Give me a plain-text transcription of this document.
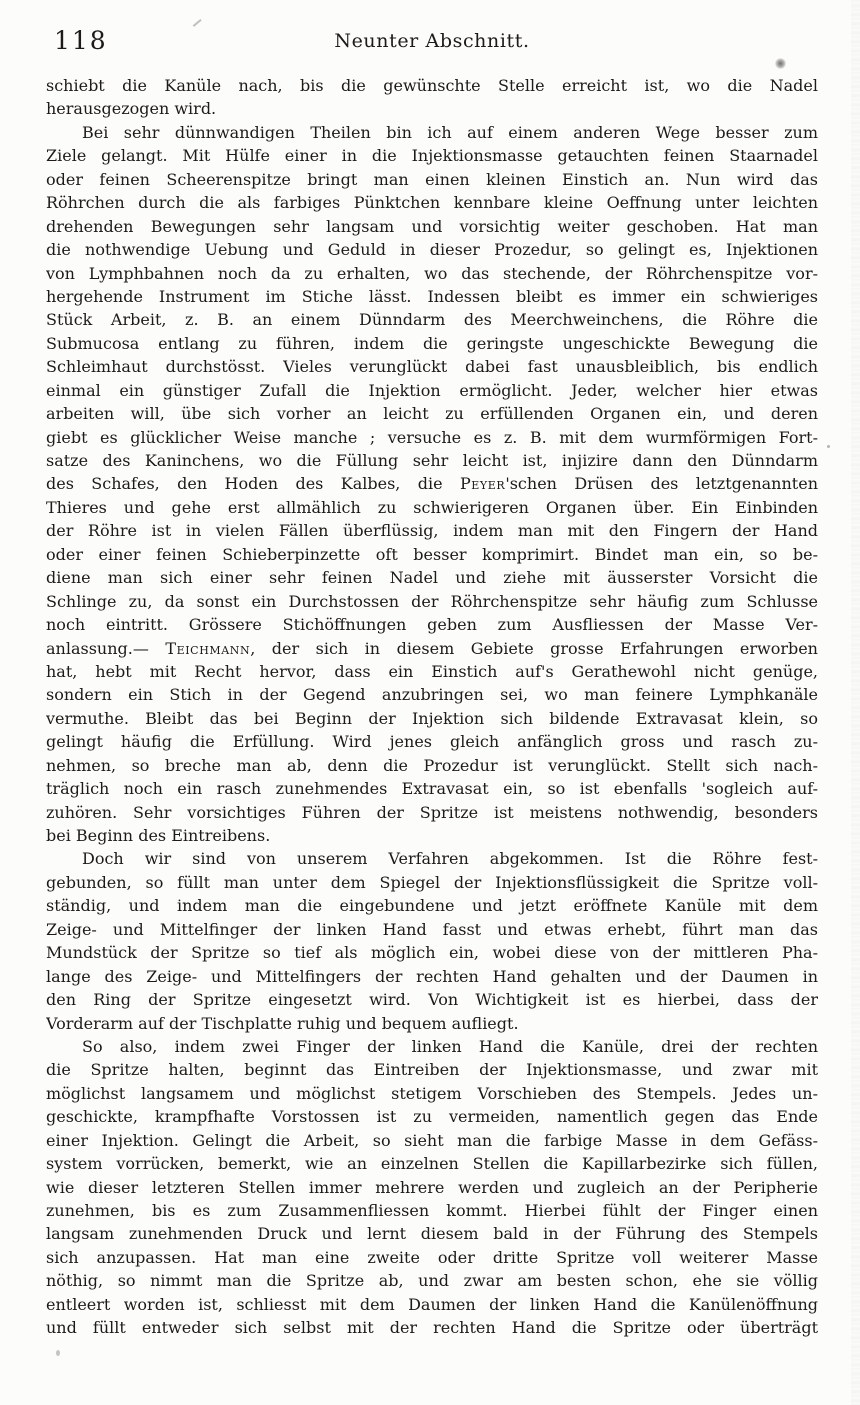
118	Neunter Abschnitt.
schiebt die Kanüle nach, bis die gewünschte Stelle erreicht ist, wo die Nadel
herausgezogen wird.
Bei sehr dünnwandigen Theilen bin ich auf einem anderen Wege besser zum
Ziele gelangt. Mit Hülfe einer in die Injektionsmasse getauchten feinen Staarnadel
oder feinen Scheerenspitze bringt man einen kleinen Einstich an. Nun wird das
Röhrchen durch die als farbiges Pünktchen kennbare kleine Oeffnung unter leichten
drehenden Bewegungen sehr langsam und vorsichtig weiter geschoben. Hat man
die nothwendige Uebung und Geduld in dieser Prozedur, so gelingt es, Injektionen
von Lymphbahnen noch da zu erhalten, wo das stechende, der Röhrchenspitze vor-
hergehende Instrument im Stiche lässt. Indessen bleibt es immer ein schwieriges
Stück Arbeit, z. B. an einem Dünndarm des Meerchweinchens, die Röhre die
Submucosa entlang zu führen, indem die geringste ungeschickte Bewegung die
Schleimhaut durchstösst. Vieles verunglückt dabei fast unausbleiblich, bis endlich
einmal ein günstiger Zufall die Injektion ermöglicht. Jeder, welcher hier etwas
arbeiten will, übe sich vorher an leicht zu erfüllenden Organen ein, und deren
giebt es glücklicher Weise manche ; versuche es z. B. mit dem wurmförmigen Fort-
satze des Kaninchens, wo die Füllung sehr leicht ist, injizire dann den Dünndarm
des Schafes, den Hoden des Kalbes, die Peyer'schen Drüsen des letztgenannten
Thieres und gehe erst allmählich zu schwierigeren Organen über. Ein Einbinden
der Röhre ist in vielen Fällen überflüssig, indem man mit den Fingern der Hand
oder einer feinen Schieberpinzette oft besser komprimirt. Bindet man ein, so be-
diene man sich einer sehr feinen Nadel und ziehe mit äusserster Vorsicht die
Schlinge zu, da sonst ein Durchstossen der Röhrchenspitze sehr häufig zum Schlusse
noch eintritt. Grössere Stichöffnungen geben zum Ausfliessen der Masse Ver-
anlassung.— Teichmann, der sich in diesem Gebiete grosse Erfahrungen erworben
hat, hebt mit Recht hervor, dass ein Einstich auf's Gerathewohl nicht genüge,
sondern ein Stich in der Gegend anzubringen sei, wo man feinere Lymphkanäle
vermuthe. Bleibt das bei Beginn der Injektion sich bildende Extravasat klein, so
gelingt häufig die Erfüllung. Wird jenes gleich anfänglich gross und rasch zu-
nehmen, so breche man ab, denn die Prozedur ist verunglückt. Stellt sich nach-
träglich noch ein rasch zunehmendes Extravasat ein, so ist ebenfalls 'sogleich auf-
zuhören. Sehr vorsichtiges Führen der Spritze ist meistens nothwendig, besonders
bei Beginn des Eintreibens.
Doch wir sind von unserem Verfahren abgekommen. Ist die Röhre fest-
gebunden, so füllt man unter dem Spiegel der Injektionsflüssigkeit die Spritze voll-
ständig, und indem man die eingebundene und jetzt eröffnete Kanüle mit dem
Zeige- und Mittelfinger der linken Hand fasst und etwas erhebt, führt man das
Mundstück der Spritze so tief als möglich ein, wobei diese von der mittleren Pha-
lange des Zeige- und Mittelfingers der rechten Hand gehalten und der Daumen in
den Ring der Spritze eingesetzt wird. Von Wichtigkeit ist es hierbei, dass der
Vorderarm auf der Tischplatte ruhig und bequem aufliegt.
So also, indem zwei Finger der linken Hand die Kanüle, drei der rechten
die Spritze halten, beginnt das Eintreiben der Injektionsmasse, und zwar mit
möglichst langsamem und möglichst stetigem Vorschieben des Stempels. Jedes un-
geschickte, krampfhafte Vorstossen ist zu vermeiden, namentlich gegen das Ende
einer Injektion. Gelingt die Arbeit, so sieht man die farbige Masse in dem Gefäss-
system vorrücken, bemerkt, wie an einzelnen Stellen die Kapillarbezirke sich füllen,
wie dieser letzteren Stellen immer mehrere werden und zugleich an der Peripherie
zunehmen, bis es zum Zusammenfliessen kommt. Hierbei fühlt der Finger einen
langsam zunehmenden Druck und lernt diesem bald in der Führung des Stempels
sich anzupassen. Hat man eine zweite oder dritte Spritze voll weiterer Masse
nöthig, so nimmt man die Spritze ab, und zwar am besten schon, ehe sie völlig
entleert worden ist, schliesst mit dem Daumen der linken Hand die Kanülenöffnung
und füllt entweder sich selbst mit der rechten Hand die Spritze oder überträgt
